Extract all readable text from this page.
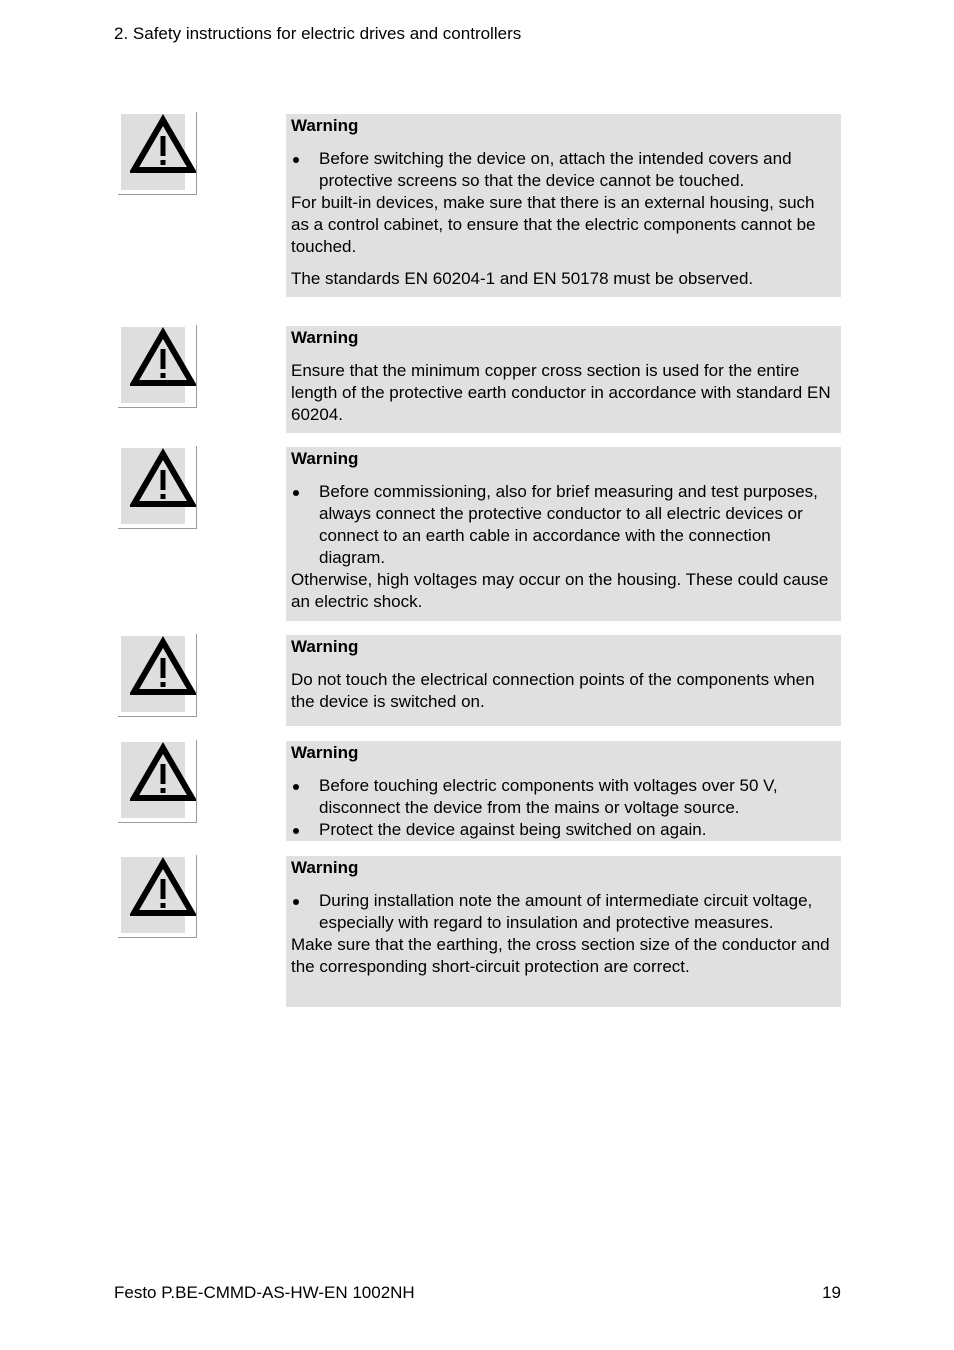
2. Safety instructions for electric drives and controllers
Warning
Before switching the device on, attach the intended covers and protective screens so that the device cannot be touched.

For built-in devices, make sure that there is an external housing, such as a control cabinet, to ensure that the electric components cannot be touched.

The standards EN 60204-1 and EN 50178 must be observed.

Warning

Ensure that the minimum copper cross section is used for the entire length of the protective earth conductor in accordance with standard EN 60204.

Warning
Before commissioning, also for brief measuring and test purposes, always connect the protective conductor to all electric devices or connect to an earth cable in accordance with the connection diagram.

Otherwise, high voltages may occur on the housing. These could cause an electric shock.

Warning

Do not touch the electrical connection points of the components when the device is switched on.

Warning
Before touching electric components with voltages over 50 V, disconnect the device from the mains or voltage source.
Protect the device against being switched on again.
Warning
During installation note the amount of intermediate circuit voltage, especially with regard to insulation and protective measures.

Make sure that the earthing, the cross section size of the conductor and the corresponding short-circuit protection are correct.

Festo P.BE-CMMD-AS-HW-EN 1002NH	19
